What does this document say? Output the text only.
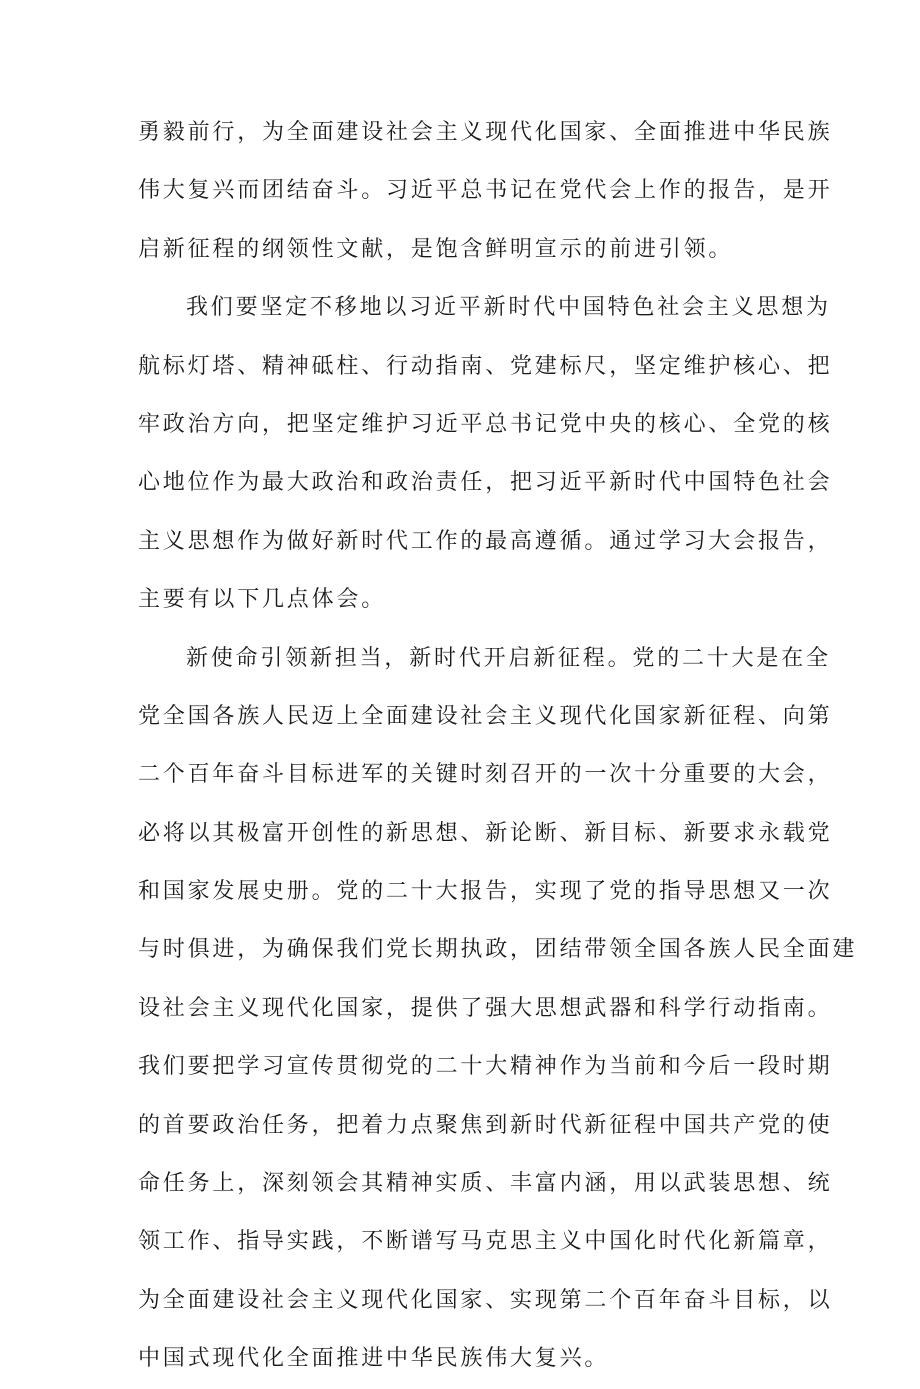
勇毅前行，为全面建设社会主义现代化国家、全面推进中华民族
伟大复兴而团结奋斗。习近平总书记在党代会上作的报告，是开
启新征程的纲领性文献，是饱含鲜明宣示的前进引领。
我们要坚定不移地以习近平新时代中国特色社会主义思想为
航标灯塔、精神砥柱、行动指南、党建标尺，坚定维护核心、把
牢政治方向，把坚定维护习近平总书记党中央的核心、全党的核
心地位作为最大政治和政治责任，把习近平新时代中国特色社会
主义思想作为做好新时代工作的最高遵循。通过学习大会报告，
主要有以下几点体会。
新使命引领新担当，新时代开启新征程。党的二十大是在全
党全国各族人民迈上全面建设社会主义现代化国家新征程、向第
二个百年奋斗目标进军的关键时刻召开的一次十分重要的大会，
必将以其极富开创性的新思想、新论断、新目标、新要求永载党
和国家发展史册。党的二十大报告，实现了党的指导思想又一次
与时俱进，为确保我们党长期执政，团结带领全国各族人民全面建
设社会主义现代化国家，提供了强大思想武器和科学行动指南。
我们要把学习宣传贯彻党的二十大精神作为当前和今后一段时期
的首要政治任务，把着力点聚焦到新时代新征程中国共产党的使
命任务上，深刻领会其精神实质、丰富内涵，用以武装思想、统
领工作、指导实践，不断谱写马克思主义中国化时代化新篇章，
为全面建设社会主义现代化国家、实现第二个百年奋斗目标，以
中国式现代化全面推进中华民族伟大复兴。
